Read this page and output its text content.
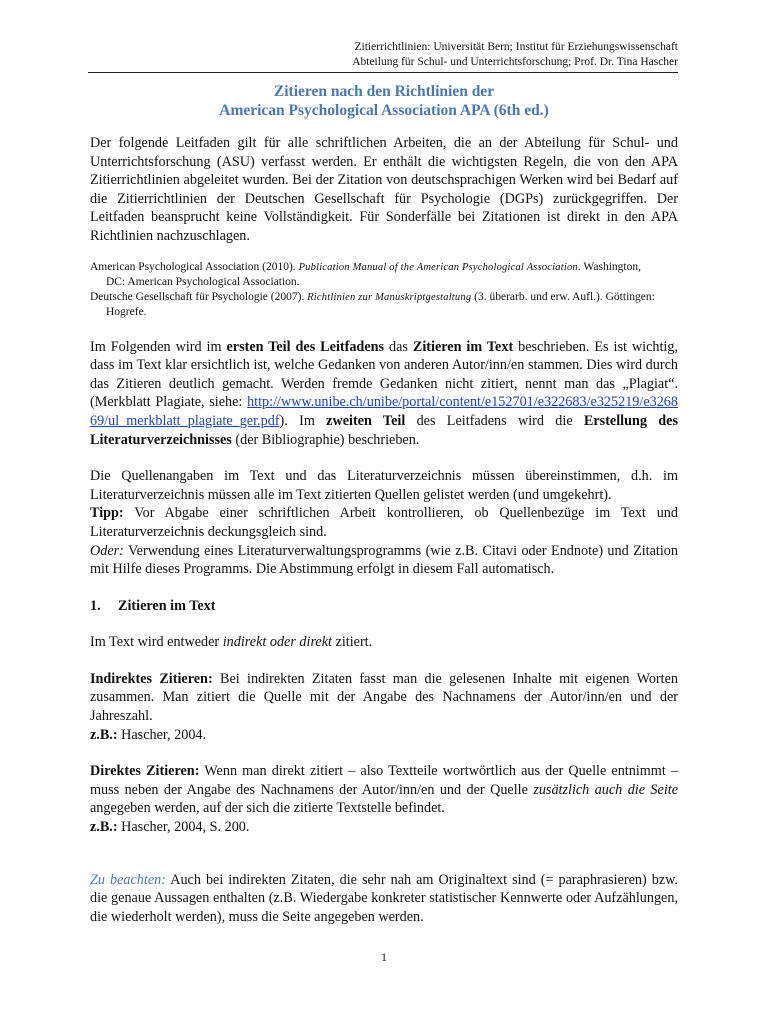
Zitierrichtlinien: Universität Bern; Institut für Erziehungswissenschaft
Abteilung für Schul- und Unterrichtsforschung; Prof. Dr. Tina Hascher
Zitieren nach den Richtlinien der
American Psychological Association APA (6th ed.)

Der folgende Leitfaden gilt für alle schriftlichen Arbeiten, die an der Abteilung für Schul- und Unterrichtsforschung (ASU) verfasst werden. Er enthält die wichtigsten Regeln, die von den APA Zitierrichtlinien abgeleitet wurden. Bei der Zitation von deutschsprachigen Werken wird bei Bedarf auf die Zitierrichtlinien der Deutschen Gesellschaft für Psychologie (DGPs) zurückgegriffen. Der Leitfaden beansprucht keine Vollständigkeit. Für Sonderfälle bei Zitationen ist direkt in den APA Richtlinien nachzuschlagen.

American Psychological Association (2010). Publication Manual of the American Psychological Association. Washington,
DC: American Psychological Association.
Deutsche Gesellschaft für Psychologie (2007). Richtlinien zur Manuskriptgestaltung (3. überarb. und erw. Aufl.). Göttingen:
Hogrefe.

Im Folgenden wird im ersten Teil des Leitfadens das Zitieren im Text beschrieben. Es ist wichtig, dass im Text klar ersichtlich ist, welche Gedanken von anderen Autor/inn/en stammen. Dies wird durch das Zitieren deutlich gemacht. Werden fremde Gedanken nicht zitiert, nennt man das „Plagiat“. (Merkblatt Plagiate, siehe: http://www.unibe.ch/unibe/portal/content/e152701/e322683/e325219/e326869/ul_merkblatt_plagiate_ger.pdf). Im zweiten Teil des Leitfadens wird die Erstellung des Literaturverzeichnisses (der Bibliographie) beschrieben.

Die Quellenangaben im Text und das Literaturverzeichnis müssen übereinstimmen, d.h. im Literaturverzeichnis müssen alle im Text zitierten Quellen gelistet werden (und umgekehrt).

Tipp: Vor Abgabe einer schriftlichen Arbeit kontrollieren, ob Quellenbezüge im Text und Literaturverzeichnis deckungsgleich sind.

Oder: Verwendung eines Literaturverwaltungsprogramms (wie z.B. Citavi oder Endnote) und Zitation mit Hilfe dieses Programms. Die Abstimmung erfolgt in diesem Fall automatisch.

1. Zitieren im Text

Im Text wird entweder indirekt oder direkt zitiert.

Indirektes Zitieren: Bei indirekten Zitaten fasst man die gelesenen Inhalte mit eigenen Worten zusammen. Man zitiert die Quelle mit der Angabe des Nachnamens der Autor/inn/en und der Jahreszahl.

z.B.: Hascher, 2004.

Direktes Zitieren: Wenn man direkt zitiert – also Textteile wortwörtlich aus der Quelle entnimmt – muss neben der Angabe des Nachnamens der Autor/inn/en und der Quelle zusätzlich auch die Seite angegeben werden, auf der sich die zitierte Textstelle befindet.

z.B.: Hascher, 2004, S. 200.

Zu beachten: Auch bei indirekten Zitaten, die sehr nah am Originaltext sind (= paraphrasieren) bzw. die genaue Aussagen enthalten (z.B. Wiedergabe konkreter statistischer Kennwerte oder Aufzählungen, die wiederholt werden), muss die Seite angegeben werden.

1
